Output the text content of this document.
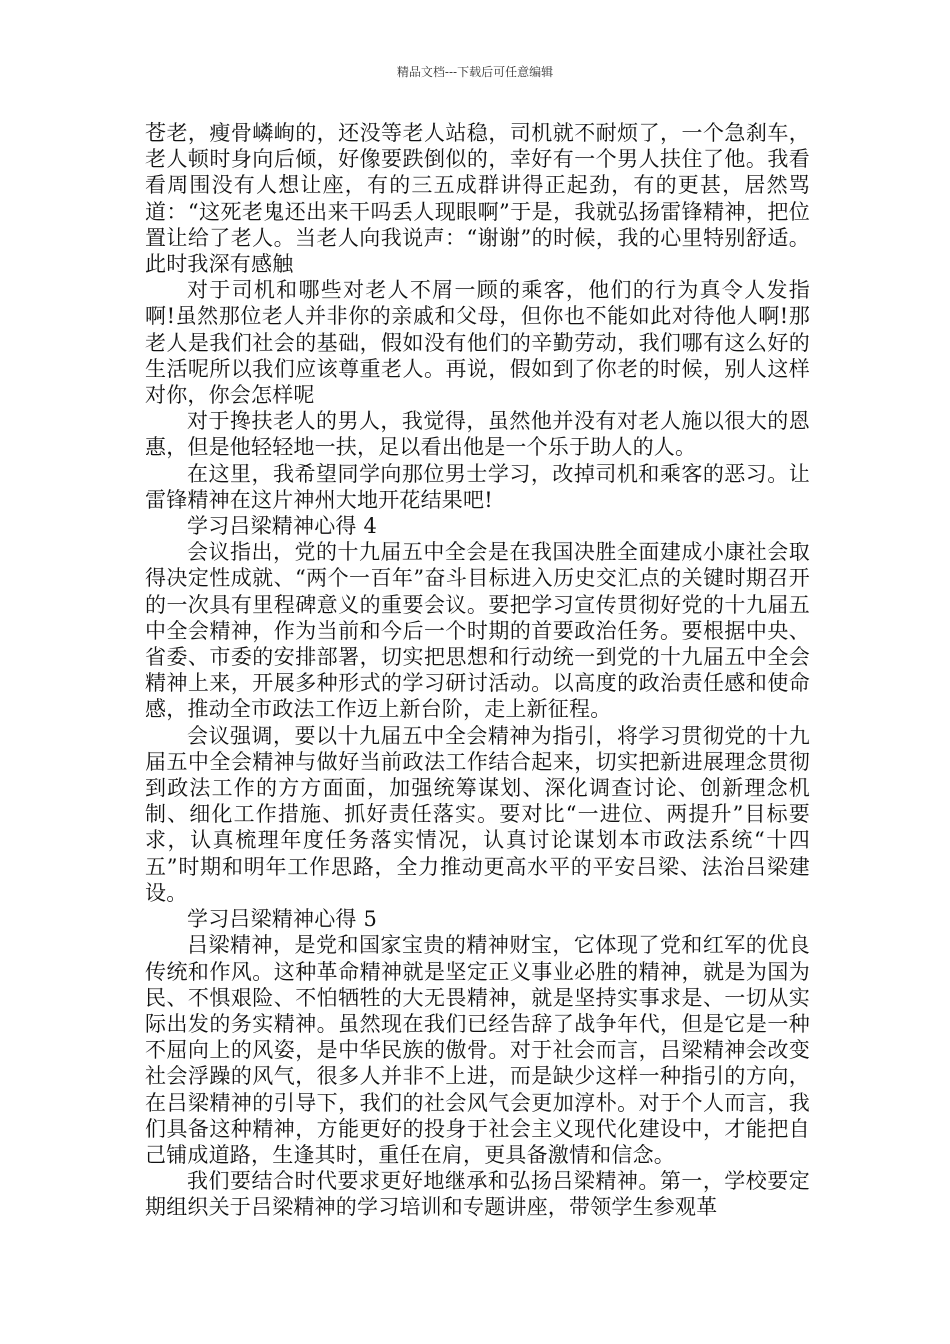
精品文档---下载后可任意编辑

苍老，瘦骨嶙峋的，还没等老人站稳，司机就不耐烦了，一个急刹车，老人顿时身向后倾，好像要跌倒似的，幸好有一个男人扶住了他。我看看周围没有人想让座，有的三五成群讲得正起劲，有的更甚，居然骂道：“这死老鬼还出来干吗丢人现眼啊”于是，我就弘扬雷锋精神，把位置让给了老人。当老人向我说声：“谢谢”的时候，我的心里特别舒适。此时我深有感触

对于司机和哪些对老人不屑一顾的乘客，他们的行为真令人发指啊!虽然那位老人并非你的亲戚和父母，但你也不能如此对待他人啊!那老人是我们社会的基础，假如没有他们的辛勤劳动，我们哪有这么好的生活呢所以我们应该尊重老人。再说，假如到了你老的时候，别人这样对你，你会怎样呢

对于搀扶老人的男人，我觉得，虽然他并没有对老人施以很大的恩惠，但是他轻轻地一扶，足以看出他是一个乐于助人的人。

在这里，我希望同学向那位男士学习，改掉司机和乘客的恶习。让雷锋精神在这片神州大地开花结果吧!

学习吕梁精神心得 4

会议指出，党的十九届五中全会是在我国决胜全面建成小康社会取得决定性成就、“两个一百年”奋斗目标进入历史交汇点的关键时期召开的一次具有里程碑意义的重要会议。要把学习宣传贯彻好党的十九届五中全会精神，作为当前和今后一个时期的首要政治任务。要根据中央、省委、市委的安排部署，切实把思想和行动统一到党的十九届五中全会精神上来，开展多种形式的学习研讨活动。以高度的政治责任感和使命感，推动全市政法工作迈上新台阶，走上新征程。

会议强调，要以十九届五中全会精神为指引，将学习贯彻党的十九届五中全会精神与做好当前政法工作结合起来，切实把新进展理念贯彻到政法工作的方方面面，加强统筹谋划、深化调查讨论、创新理念机制、细化工作措施、抓好责任落实。要对比“一进位、两提升”目标要求，认真梳理年度任务落实情况，认真讨论谋划本市政法系统“十四五”时期和明年工作思路，全力推动更高水平的平安吕梁、法治吕梁建设。

学习吕梁精神心得 5

吕梁精神，是党和国家宝贵的精神财宝，它体现了党和红军的优良传统和作风。这种革命精神就是坚定正义事业必胜的精神，就是为国为民、不惧艰险、不怕牺牲的大无畏精神，就是坚持实事求是、一切从实际出发的务实精神。虽然现在我们已经告辞了战争年代，但是它是一种不屈向上的风姿，是中华民族的傲骨。对于社会而言，吕梁精神会改变社会浮躁的风气，很多人并非不上进，而是缺少这样一种指引的方向，在吕梁精神的引导下，我们的社会风气会更加淳朴。对于个人而言，我们具备这种精神，方能更好的投身于社会主义现代化建设中，才能把自己铺成道路，生逢其时，重任在肩，更具备激情和信念。

我们要结合时代要求更好地继承和弘扬吕梁精神。第一，学校要定期组织关于吕梁精神的学习培训和专题讲座，带领学生参观革
